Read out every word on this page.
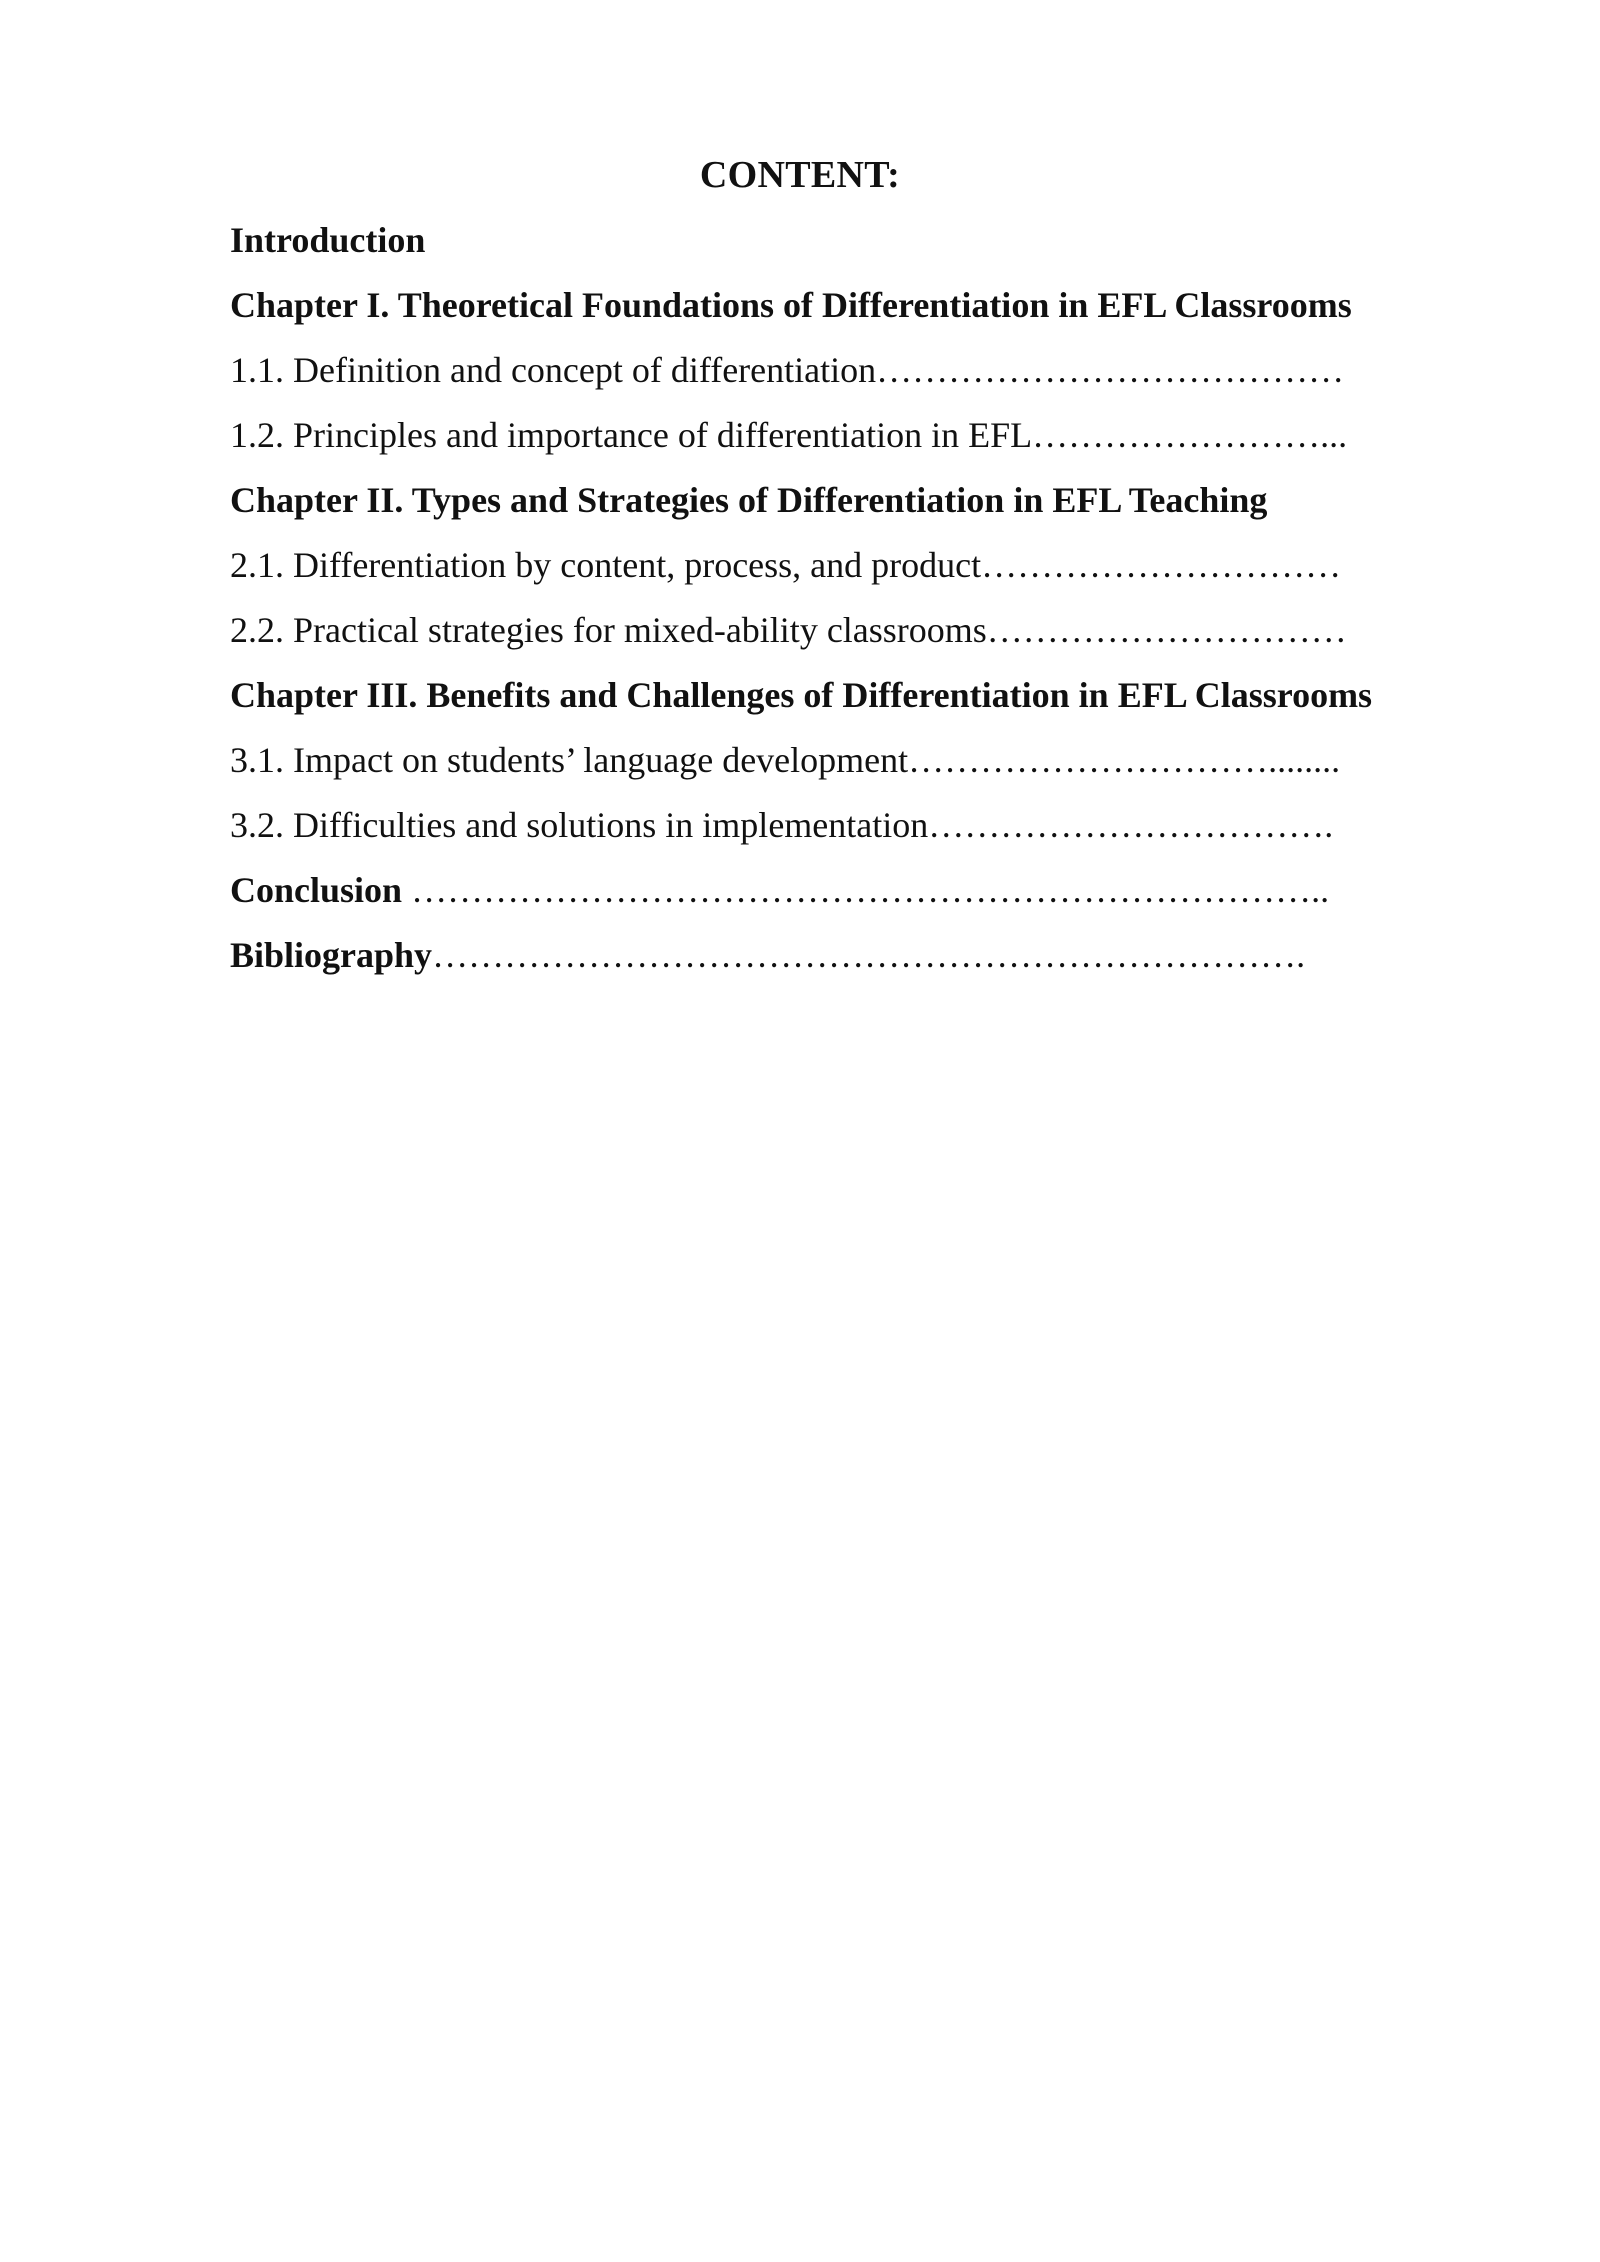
CONTENT:
Introduction
Chapter I. Theoretical Foundations of Differentiation in EFL Classrooms
1.1. Definition and concept of differentiation…………………………………
1.2. Principles and importance of differentiation in EFL……………………...
Chapter II. Types and Strategies of Differentiation in EFL Teaching
2.1. Differentiation by content, process, and product…………………………
2.2. Practical strategies for mixed-ability classrooms…………………………
Chapter III. Benefits and Challenges of Differentiation in EFL Classrooms
3.1. Impact on students’ language development…………………………........
3.2. Difficulties and solutions in implementation…………………………….
Conclusion …………………………………………………………………..
Bibliography……………………………………………………………….
